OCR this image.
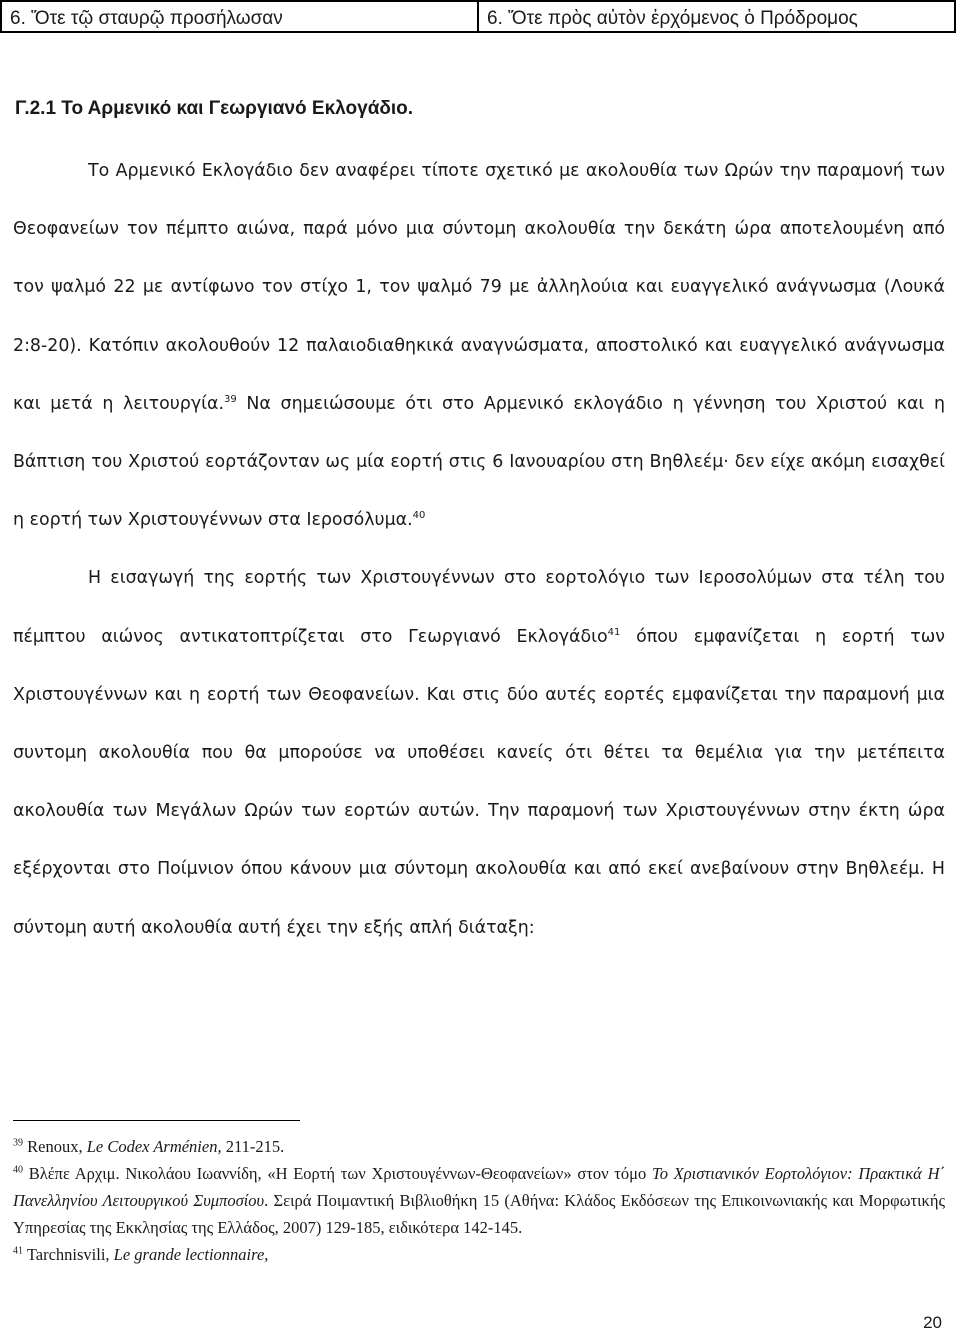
6. Ὅτε τῷ σταυρῷ προσήλωσαν	6. Ὅτε πρὸς αὐτὸν ἐρχόμενος ὁ Πρόδρομος
Γ.2.1 Το Αρμενικό και Γεωργιανό Εκλογάδιο.

Το Αρμενικό Εκλογάδιο δεν αναφέρει τίποτε σχετικό με ακολουθία των Ωρών την παραμονή των Θεοφανείων τον πέμπτο αιώνα, παρά μόνο μια σύντομη ακολουθία την δεκάτη ώρα αποτελουμένη από τον ψαλμό 22 με αντίφωνο τον στίχο 1, τον ψαλμό 79 με ἀλληλούια και ευαγγελικό ανάγνωσμα (Λουκά 2:8-20). Κατόπιν ακολουθούν 12 παλαιοδιαθηκικά αναγνώσματα, αποστολικό και ευαγγελικό ανάγνωσμα και μετά η λειτουργία.$^{39}$ Να σημειώσουμε ότι στο Αρμενικό εκλογάδιο η γέννηση του Χριστού και η Βάπτιση του Χριστού εορτάζονταν ως μία εορτή στις 6 Ιανουαρίου στη Βηθλεέμ· δεν είχε ακόμη εισαχθεί η εορτή των Χριστουγέννων στα Ιεροσόλυμα.$^{40}$

Η εισαγωγή της εορτής των Χριστουγέννων στο εορτολόγιο των Ιεροσολύμων στα τέλη του πέμπτου αιώνος αντικατοπτρίζεται στο Γεωργιανό Εκλογάδιο$^{41}$ όπου εμφανίζεται η εορτή των Χριστουγέννων και η εορτή των Θεοφανείων. Και στις δύο αυτές εορτές εμφανίζεται την παραμονή μια συντομη ακολουθία που θα μπορούσε να υποθέσει κανείς ότι θέτει τα θεμέλια για την μετέπειτα ακολουθία των Μεγάλων Ωρών των εορτών αυτών. Την παραμονή των Χριστουγέννων στην έκτη ώρα εξέρχονται στο Ποίμνιον όπου κάνουν μια σύντομη ακολουθία και από εκεί ανεβαίνουν στην Βηθλεέμ. Η σύντομη αυτή ακολουθία αυτή έχει την εξής απλή διάταξη:

$^{39}$ Renoux, Le Codex Arménien, 211-215.

$^{40}$ Βλέπε Αρχιμ. Νικολάου Ιωαννίδη, «Η Εορτή των Χριστουγέννων-Θεοφανείων» στον τόμο Το Χριστιανικόν Εορτολόγιον: Πρακτικά Η΄ Πανελληνίου Λειτουργικού Συμποσίου. Σειρά Ποιμαντική Βιβλιοθήκη 15 (Αθήνα: Κλάδος Εκδόσεων της Επικοινωνιακής και Μορφωτικής Υπηρεσίας της Εκκλησίας της Ελλάδος, 2007) 129-185, ειδικότερα 142-145.

$^{41}$ Tarchnisvili, Le grande lectionnaire,

20
